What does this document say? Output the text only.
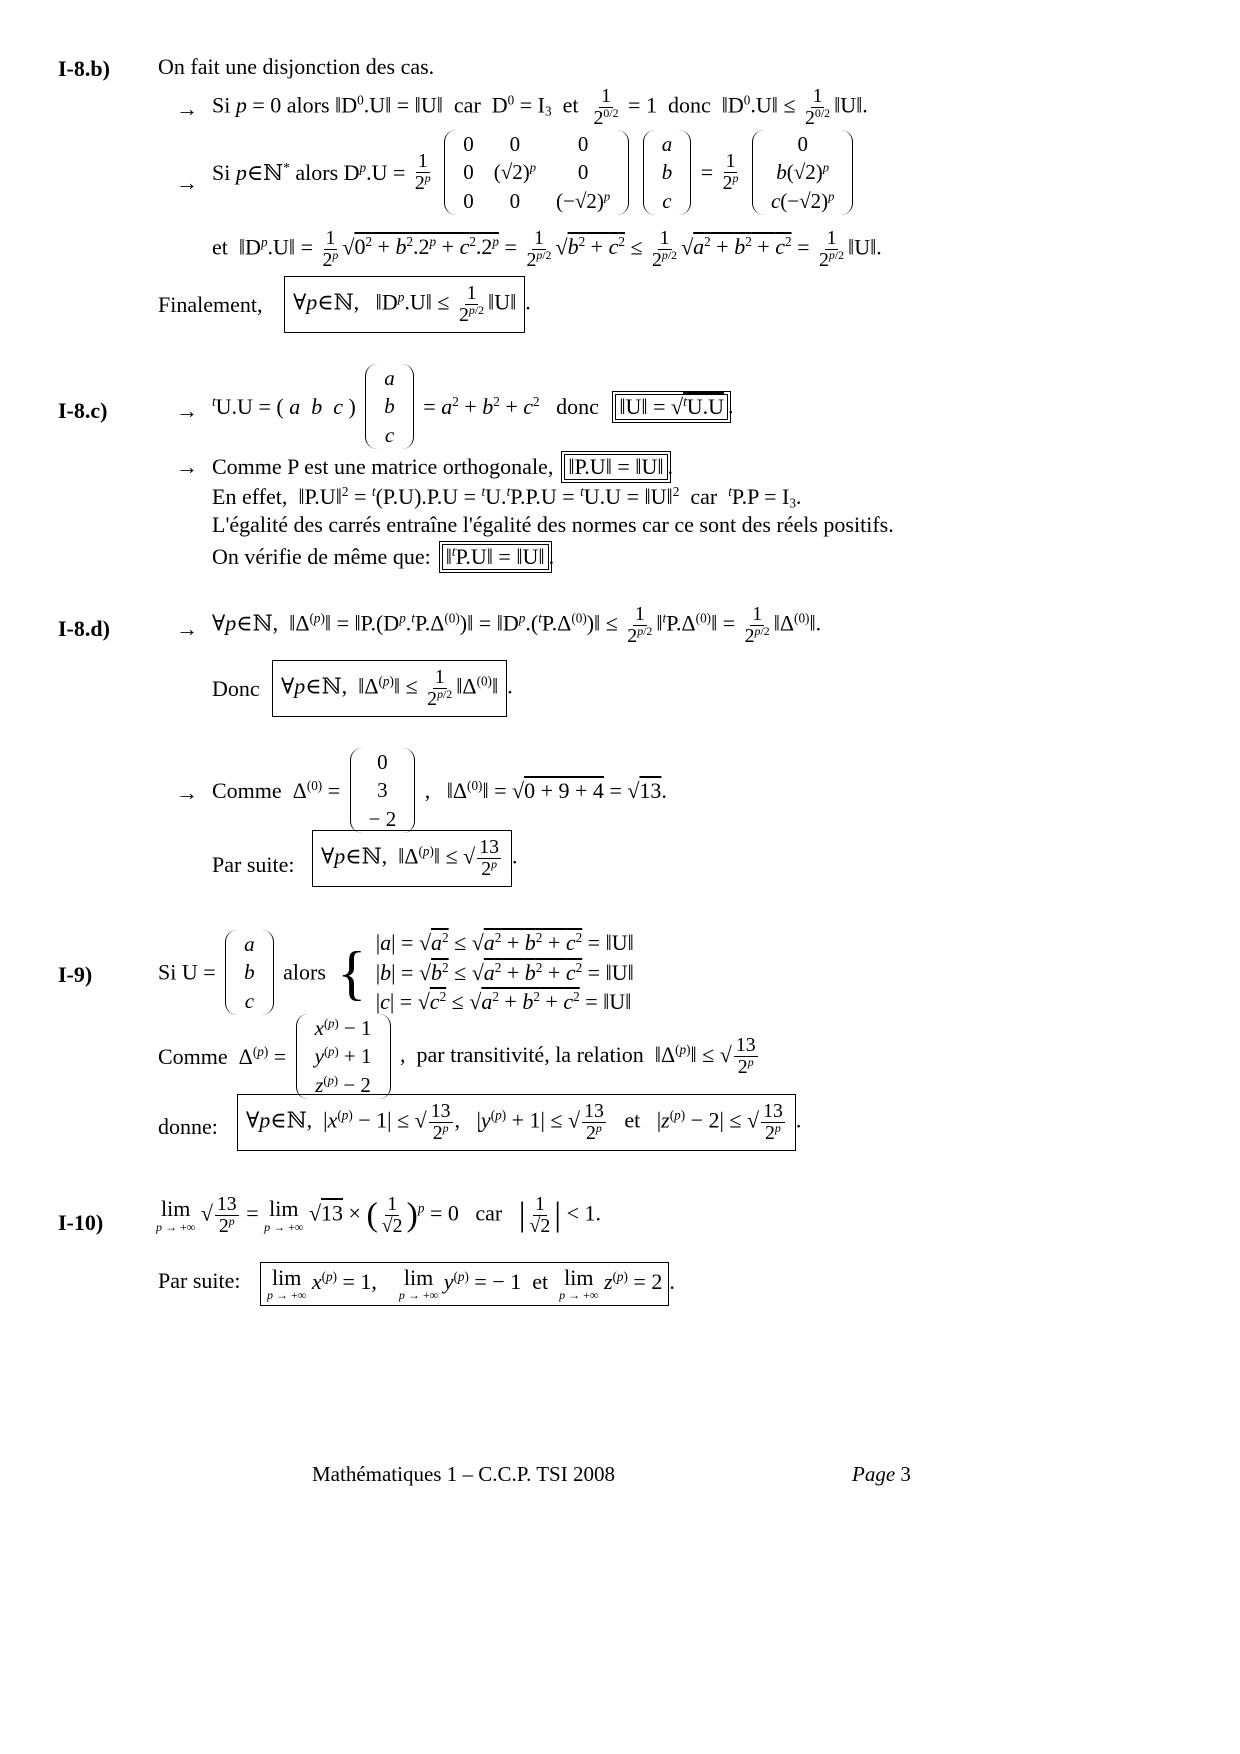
I-8.b) On fait une disjonction des cas.
→ Si p = 0 alors $‖D^0.U‖$ = ‖U‖  car  $D^0 = I_3$  et $\frac{1}{2^{0/2}} = 1$  donc  $‖D^0.U‖ \le \frac{1}{2^{0/2}}$ ‖U‖.
→ Si p∈ℕ* alors $D^p.U = \frac{1}{2^p}$

0	0	0
0	$(√2)^p$	0
0	0	$(-√2)^p$

a
b
c
= $\frac{1}{2^p}$

0
$b(√2)^p$
$c(-√2)^p$
et  $‖D^p.U‖ = \frac{1}{2^p} √0^2 + b^2.2^p + c^2.2^p = \frac{1}{2^{p/2}} √b^2 + c^2 \le \frac{1}{2^{p/2}} √a^2 + b^2 + c^2 = \frac{1}{2^{p/2}}$ ‖U‖.
Finalement,	∀p∈ℕ,   $‖D^p.U‖ \le \frac{1}{2^{p/2}}$ ‖U‖ .
I-8.c)	→ $^t$U.U = ( a b c )
a
b
c
= $a^2 + b^2 + c^2$   donc   ‖U‖ = √$^t$U.U .
→ Comme P est une matrice orthogonale, ‖P.U‖ = ‖U‖ .
En effet,  ‖P.U‖$^2$ = $^t$(P.U).P.U = $^t$U.$^t$P.P.U = $^t$U.U = ‖U‖$^2$  car  $^tP.P = I_3$.
L'égalité des carrés entraîne l'égalité des normes car ce sont des réels positifs.
On vérifie de même que: ‖$^t$P.U‖ = ‖U‖ .
I-8.d)	→ ∀p∈ℕ,  $‖\Delta^{(p)}‖$ = $‖P.(D^p.^tP.\Delta^{(0)})‖$ = $‖D^p.(^tP.\Delta^{(0)})‖ \le \frac{1}{2^{p/2}}$ $‖^tP.\Delta^{(0)}‖ = \frac{1}{2^{p/2}}$ $‖\Delta^{(0)}‖$.
Donc ∀p∈ℕ,  $‖\Delta^{(p)}‖ \le \frac{1}{2^{p/2}}$ $‖\Delta^{(0)}‖$ .
→ Comme  $\Delta^{(0)}$ =
0
3
− 2
,   $‖\Delta^{(0)}‖ = √0 + 9 + 4 = √13$.
Par suite:	∀p∈ℕ,  $‖\Delta^{(p)}‖$ ≤ √ $\frac{13}{2^p}$ .
I-9)	Si U =
a
b
c
alors { $|a| = √a^2 \le √a^2 + b^2 + c^2$ = ‖U‖
$|b| = √b^2 \le √a^2 + b^2 + c^2$ = ‖U‖
$|c| = √c^2 \le √a^2 + b^2 + c^2$ = ‖U‖
Comme  $\Delta^{(p)}$ =
$x^{(p)} - 1$
$y^{(p)} + 1$
$z^{(p)} - 2$
,  par transitivité, la relation  $‖\Delta^{(p)}‖$ ≤ √ $\frac{13}{2^p}$
donne:	∀p∈ℕ,  $|x^{(p)} - 1|$ ≤ √ $\frac{13}{2^p}$ ,   $|y^{(p)} + 1|$ ≤ √ $\frac{13}{2^p}$ et   $|z^{(p)} - 2|$ ≤ √ $\frac{13}{2^p}$ .
I-10)
lim
p → +∞
√ $\frac{13}{2^p} = \lim$
p → +∞
√13 × ( $\frac{1}{√2} )^p = 0$   car   | $\frac{1}{√2}$ | < 1.
Par suite: lim
p → +∞
$x^{(p)} = 1$, lim
p → +∞
$y^{(p)}$ = − 1  et lim
p → +∞
$z^{(p)} = 2$.
Mathématiques 1 – C.C.P. TSI 2008	Page 3
